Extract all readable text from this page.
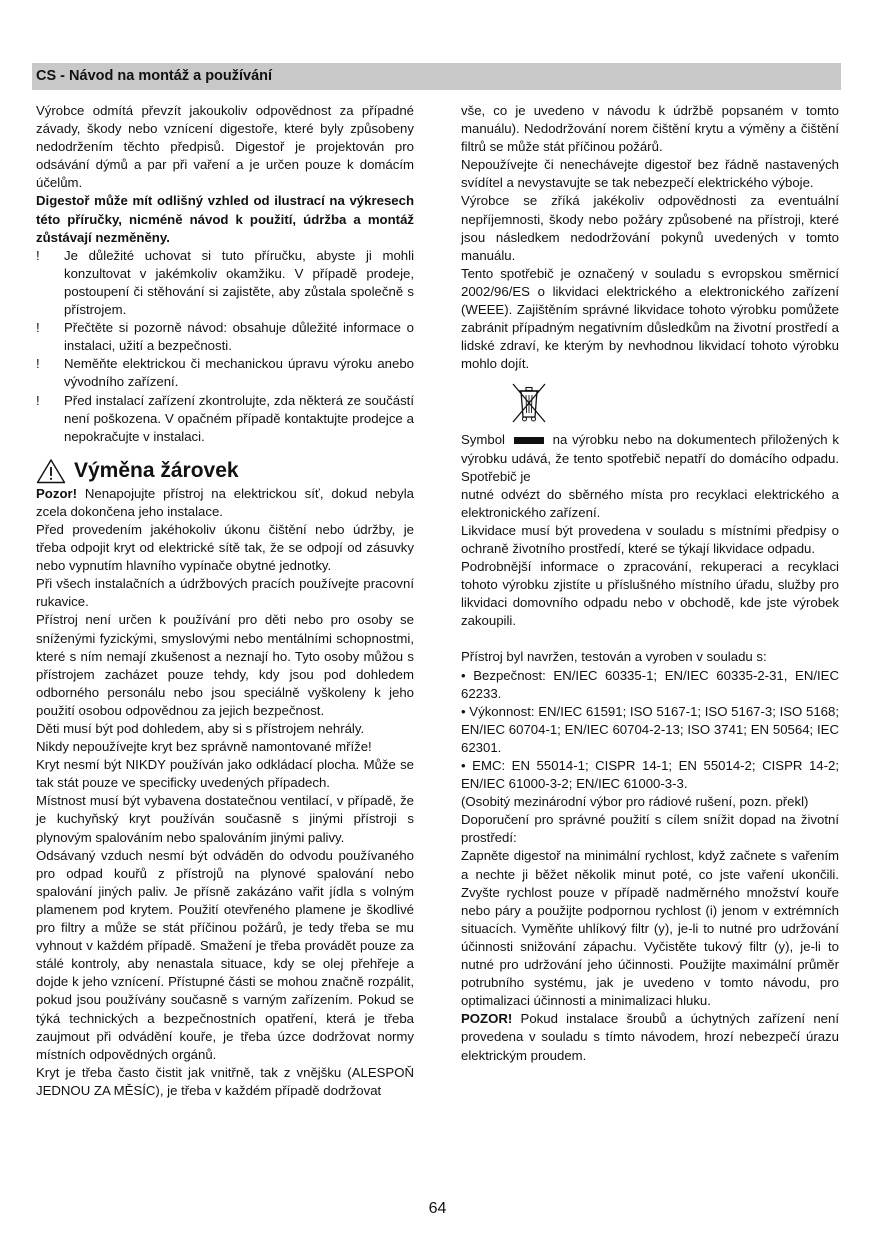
CS - Návod na montáž a používání

Výrobce odmítá převzít jakoukoliv odpovědnost za případné závady, škody nebo vznícení digestoře, které byly způsobeny nedodržením těchto předpisů. Digestoř je projektován pro odsávání dýmů a par při vaření a je určen pouze k domácím účelům.

Digestoř může mít odlišný vzhled od ilustrací na výkresech této příručky, nicméně návod k použití, údržba a montáž zůstávají nezměněny.

!	Je důležité uchovat si tuto příručku, abyste ji mohli konzultovat v jakémkoliv okamžiku. V případě prodeje, postoupení či stěhování si zajistěte, aby zůstala společně s přístrojem.
!	Přečtěte si pozorně návod: obsahuje důležité informace o instalaci, užití a bezpečnosti.
!	Neměňte elektrickou či mechanickou úpravu výroku anebo vývodního zařízení.
!	Před instalací zařízení zkontrolujte, zda některá ze součástí není poškozena. V opačném případě kontaktujte prodejce a nepokračujte v instalaci.
Výměna žárovek

Pozor! Nenapojujte přístroj na elektrickou síť, dokud nebyla zcela dokončena jeho instalace.

Před provedením jakéhokoliv úkonu čištění nebo údržby, je třeba odpojit kryt od elektrické sítě tak, že se odpojí od zásuvky nebo vypnutím hlavního vypínače obytné jednotky.

Při všech instalačních a údržbových pracích používejte pracovní rukavice.

Přístroj není určen k používání pro děti nebo pro osoby se sníženými fyzickými, smyslovými nebo mentálními schopnostmi, které s ním nemají zkušenost a neznají ho. Tyto osoby můžou s přístrojem zacházet pouze tehdy, kdy jsou pod dohledem odborného personálu nebo jsou speciálně vyškoleny k jeho použití osobou odpovědnou za jejich bezpečnost.

Děti musí být pod dohledem, aby si s přístrojem nehrály.

Nikdy nepoužívejte kryt bez správně namontované mříže!

Kryt nesmí být NIKDY používán jako odkládací plocha. Může se tak stát pouze ve specificky uvedených případech.

Místnost musí být vybavena dostatečnou ventilací, v případě, že je kuchyňský kryt používán současně s jinými přístroji s plynovým spalováním nebo spalováním jinými palivy.

Odsávaný vzduch nesmí být odváděn do odvodu používaného pro odpad kouřů z přístrojů na plynové spalování nebo spalování jiných paliv. Je přísně zakázáno vařit jídla s volným plamenem pod krytem. Použití otevřeného plamene je škodlivé pro filtry a může se stát příčinou požárů, je tedy třeba se mu vyhnout v každém případě. Smažení je třeba provádět pouze za stálé kontroly, aby nenastala situace, kdy se olej přehřeje a dojde k jeho vznícení. Přístupné části se mohou značně rozpálit, pokud jsou používány současně s varným zařízením. Pokud se týká technických a bezpečnostních opatření, která je třeba zaujmout při odvádění kouře, je třeba úzce dodržovat normy místních odpovědných orgánů.

Kryt je třeba často čistit jak vnitřně, tak z vnějšku (ALESPOŇ JEDNOU ZA MĚSÍC), je třeba v každém případě dodržovat

vše, co je uvedeno v návodu k údržbě popsaném v tomto manuálu). Nedodržování norem čištění krytu a výměny a čištění filtrů se může stát příčinou požárů.

Nepoužívejte či nenechávejte digestoř bez řádně nastavených svídítel a nevystavujte se tak nebezpečí elektrického výboje.

Výrobce se zříká jakékoliv odpovědnosti za eventuální nepříjemnosti, škody nebo požáry způsobené na přístroji, které jsou následkem nedodržování pokynů uvedených v tomto manuálu.

Tento spotřebič je označený v souladu s evropskou směrnicí 2002/96/ES o likvidaci elektrického a elektronického zařízení (WEEE). Zajištěním správné likvidace tohoto výrobku pomůžete zabránit případným negativním důsledkům na životní prostředí a lidské zdraví, ke kterým by nevhodnou likvidací tohoto výrobku mohlo dojít.

Symbol	na výrobku nebo na dokumentech přiložených k výrobku udává, že tento spotřebič nepatří do domácího odpadu. Spotřebič je

nutné odvézt do sběrného místa pro recyklaci elektrického a elektronického zařízení.

Likvidace musí být provedena v souladu s místními předpisy o ochraně životního prostředí, které se týkají likvidace odpadu.

Podrobnější informace o zpracování, rekuperaci a recyklaci tohoto výrobku zjistíte u příslušného místního úřadu, služby pro likvidaci domovního odpadu nebo v obchodě, kde jste výrobek zakoupili.

Přístroj byl navržen, testován a vyroben v souladu s:

• Bezpečnost: EN/IEC 60335-1; EN/IEC 60335-2-31, EN/IEC 62233.

• Výkonnost: EN/IEC 61591; ISO 5167-1; ISO 5167-3; ISO 5168; EN/IEC 60704-1; EN/IEC 60704-2-13; ISO 3741; EN 50564; IEC 62301.

• EMC: EN 55014-1; CISPR 14-1; EN 55014-2; CISPR 14-2; EN/IEC 61000-3-2; EN/IEC 61000-3-3.

(Osobitý mezinárodní výbor pro rádiové rušení, pozn. překl)

Doporučení pro správné použití s cílem snížit dopad na životní prostředí:

Zapněte digestoř na minimální rychlost, když začnete s vařením a nechte ji běžet několik minut poté, co jste vaření ukončili. Zvyšte rychlost pouze v případě nadměrného množství kouře nebo páry a použijte podpornou rychlost (i) jenom v extrémních situacích. Vyměňte uhlíkový filtr (y), je-li to nutné pro udržování účinnosti snižování zápachu. Vyčistěte tukový filtr (y), je-li to nutné pro udržování jeho účinnosti. Použijte maximální průměr potrubního systému, jak je uvedeno v tomto návodu, pro optimalizaci účinnosti a minimalizaci hluku.

POZOR! Pokud instalace šroubů a úchytných zařízení není provedena v souladu s tímto návodem, hrozí nebezpečí úrazu elektrickým proudem.

64
